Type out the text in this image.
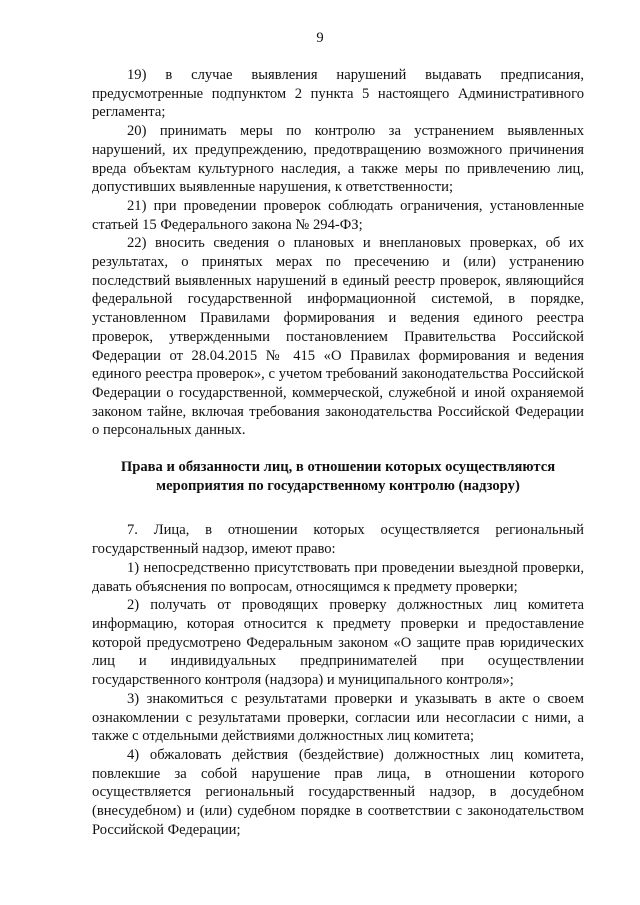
9

19) в случае выявления нарушений выдавать предписания, предусмотренные подпунктом 2 пункта 5 настоящего Административного регламента;

20) принимать меры по контролю за устранением выявленных нарушений, их предупреждению, предотвращению возможного причинения вреда объектам культурного наследия, а также меры по привлечению лиц, допустивших выявленные нарушения, к ответственности;

21) при проведении проверок соблюдать ограничения, установленные статьей 15 Федерального закона № 294-ФЗ;

22) вносить сведения о плановых и внеплановых проверках, об их результатах, о принятых мерах по пресечению и (или) устранению последствий выявленных нарушений в единый реестр проверок, являющийся федеральной государственной информационной системой, в порядке, установленном Правилами формирования и ведения единого реестра проверок, утвержденными постановлением Правительства Российской Федерации от 28.04.2015 № 415 «О Правилах формирования и ведения единого реестра проверок», с учетом требований законодательства Российской Федерации о государственной, коммерческой, служебной и иной охраняемой законом тайне, включая требования законодательства Российской Федерации о персональных данных.

Права и обязанности лиц, в отношении которых осуществляются
мероприятия по государственному контролю (надзору)

7. Лица, в отношении которых осуществляется региональный государственный надзор, имеют право:

1) непосредственно присутствовать при проведении выездной проверки, давать объяснения по вопросам, относящимся к предмету проверки;

2) получать от проводящих проверку должностных лиц комитета информацию, которая относится к предмету проверки и предоставление которой предусмотрено Федеральным законом «О защите прав юридических лиц и индивидуальных предпринимателей при осуществлении государственного контроля (надзора) и муниципального контроля»;

3) знакомиться с результатами проверки и указывать в акте о своем ознакомлении с результатами проверки, согласии или несогласии с ними, а также с отдельными действиями должностных лиц комитета;

4) обжаловать действия (бездействие) должностных лиц комитета, повлекшие за собой нарушение прав лица, в отношении которого осуществляется региональный государственный надзор, в досудебном (внесудебном) и (или) судебном порядке в соответствии с законодательством Российской Федерации;
